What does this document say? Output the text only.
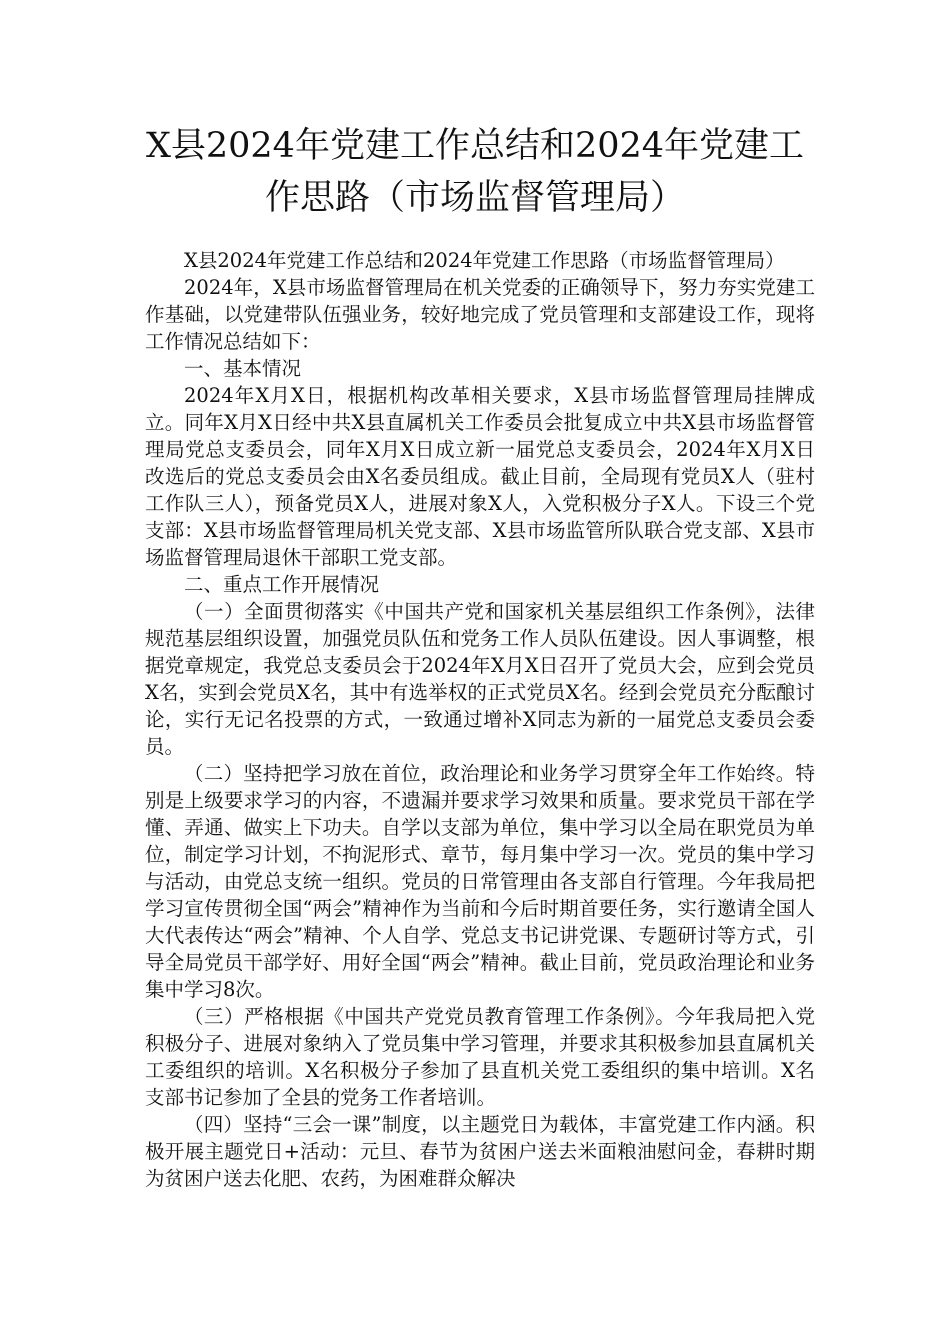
X县2024年党建工作总结和2024年党建工
作思路（市场监督管理局）

X县2024年党建工作总结和2024年党建工作思路（市场监督管理局）

2024年，X县市场监督管理局在机关党委的正确领导下，努力夯实党建工作基础，以党建带队伍强业务，较好地完成了党员管理和支部建设工作，现将工作情况总结如下：

一、基本情况

2024年X月X日，根据机构改革相关要求，X县市场监督管理局挂牌成立。同年X月X日经中共X县直属机关工作委员会批复成立中共X县市场监督管理局党总支委员会，同年X月X日成立新一届党总支委员会，2024年X月X日改选后的党总支委员会由X名委员组成。截止目前，全局现有党员X人（驻村工作队三人），预备党员X人，进展对象X人，入党积极分子X人。下设三个党支部：X县市场监督管理局机关党支部、X县市场监管所队联合党支部、X县市场监督管理局退休干部职工党支部。

二、重点工作开展情况

（一）全面贯彻落实《中国共产党和国家机关基层组织工作条例》，法律规范基层组织设置，加强党员队伍和党务工作人员队伍建设。因人事调整，根据党章规定，我党总支委员会于2024年X月X日召开了党员大会，应到会党员X名，实到会党员X名，其中有选举权的正式党员X名。经到会党员充分酝酿讨论，实行无记名投票的方式，一致通过增补X同志为新的一届党总支委员会委员。

（二）坚持把学习放在首位，政治理论和业务学习贯穿全年工作始终。特别是上级要求学习的内容，不遗漏并要求学习效果和质量。要求党员干部在学懂、弄通、做实上下功夫。自学以支部为单位，集中学习以全局在职党员为单位，制定学习计划，不拘泥形式、章节，每月集中学习一次。党员的集中学习与活动，由党总支统一组织。党员的日常管理由各支部自行管理。今年我局把学习宣传贯彻全国“两会”精神作为当前和今后时期首要任务，实行邀请全国人大代表传达“两会”精神、个人自学、党总支书记讲党课、专题研讨等方式，引导全局党员干部学好、用好全国“两会”精神。截止目前，党员政治理论和业务集中学习8次。

（三）严格根据《中国共产党党员教育管理工作条例》。今年我局把入党积极分子、进展对象纳入了党员集中学习管理，并要求其积极参加县直属机关工委组织的培训。X名积极分子参加了县直机关党工委组织的集中培训。X名支部书记参加了全县的党务工作者培训。

（四）坚持“三会一课”制度，以主题党日为载体，丰富党建工作内涵。积极开展主题党日+活动：元旦、春节为贫困户送去米面粮油慰问金，春耕时期为贫困户送去化肥、农药，为困难群众解决
